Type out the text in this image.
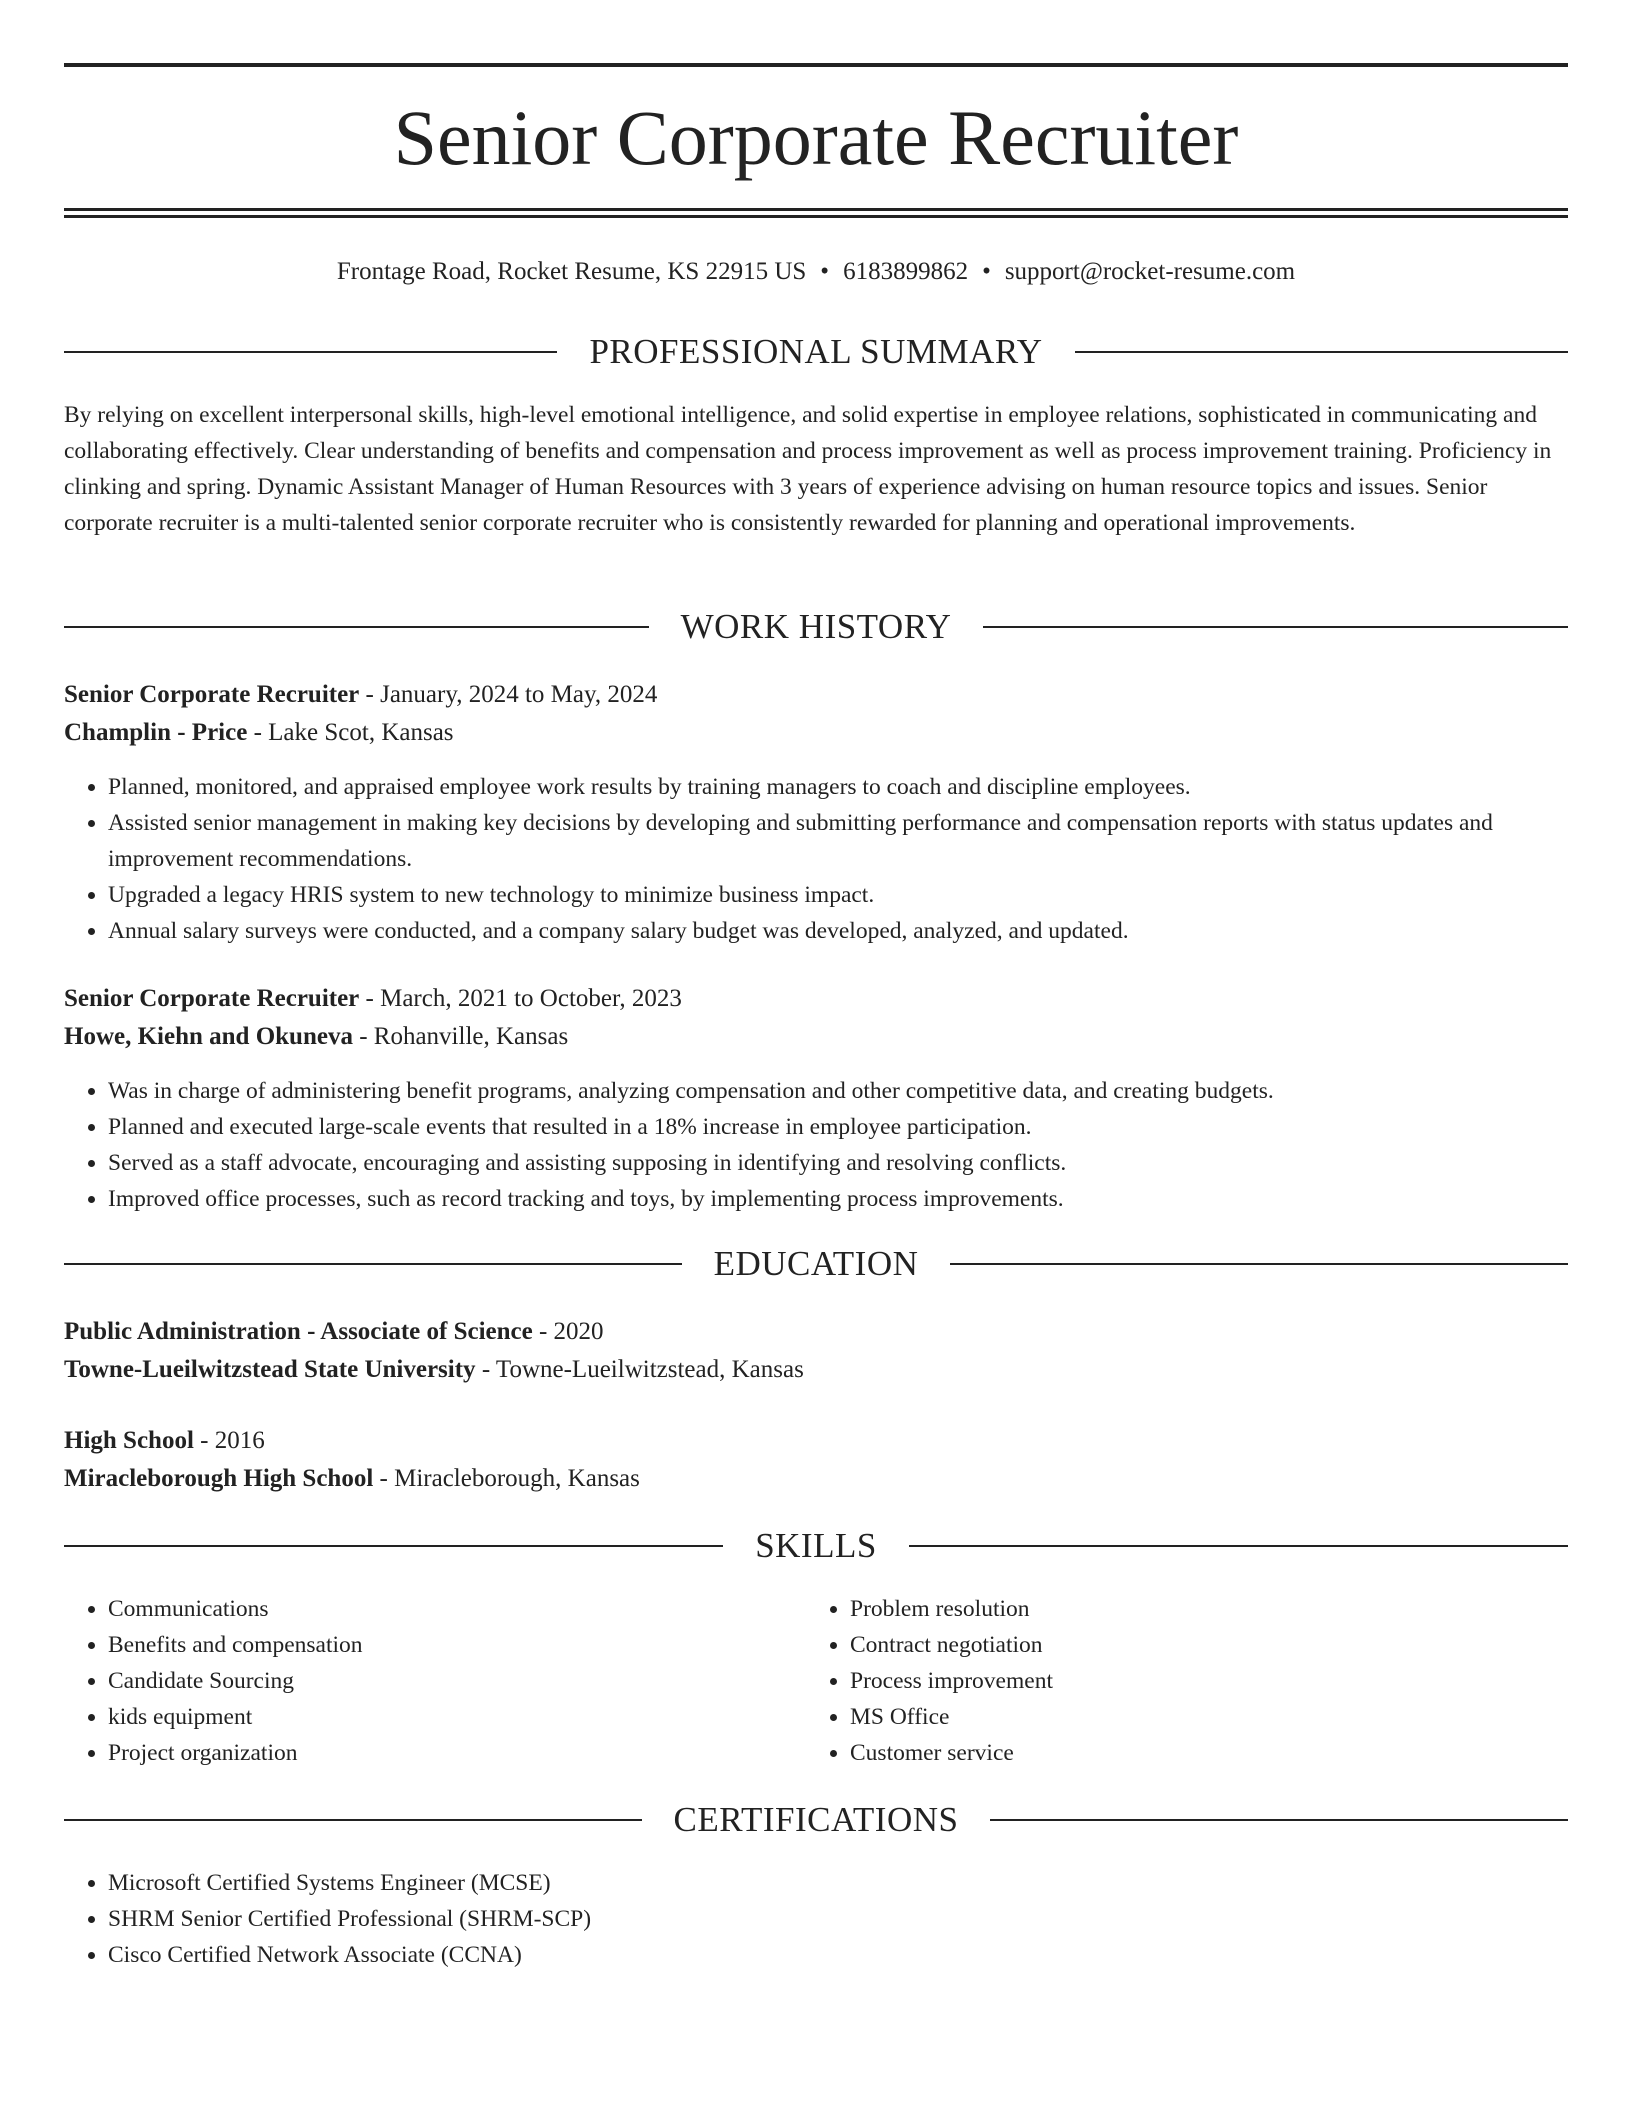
Senior Corporate Recruiter
Frontage Road, Rocket Resume, KS 22915 US • 6183899862 • support@rocket-resume.com
PROFESSIONAL SUMMARY
By relying on excellent interpersonal skills, high-level emotional intelligence, and solid expertise in employee relations, sophisticated in communicating and collaborating effectively. Clear understanding of benefits and compensation and process improvement as well as process improvement training. Proficiency in clinking and spring. Dynamic Assistant Manager of Human Resources with 3 years of experience advising on human resource topics and issues. Senior corporate recruiter is a multi-talented senior corporate recruiter who is consistently rewarded for planning and operational improvements.
WORK HISTORY
Senior Corporate Recruiter - January, 2024 to May, 2024
Champlin - Price - Lake Scot, Kansas
• Planned, monitored, and appraised employee work results by training managers to coach and discipline employees.
• Assisted senior management in making key decisions by developing and submitting performance and compensation reports with status updates and improvement recommendations.
• Upgraded a legacy HRIS system to new technology to minimize business impact.
• Annual salary surveys were conducted, and a company salary budget was developed, analyzed, and updated.
Senior Corporate Recruiter - March, 2021 to October, 2023
Howe, Kiehn and Okuneva - Rohanville, Kansas
• Was in charge of administering benefit programs, analyzing compensation and other competitive data, and creating budgets.
• Planned and executed large-scale events that resulted in a 18% increase in employee participation.
• Served as a staff advocate, encouraging and assisting supposing in identifying and resolving conflicts.
• Improved office processes, such as record tracking and toys, by implementing process improvements.
EDUCATION
Public Administration - Associate of Science - 2020
Towne-Lueilwitzstead State University - Towne-Lueilwitzstead, Kansas
High School - 2016
Miracleborough High School - Miracleborough, Kansas
SKILLS
• Communications
• Benefits and compensation
• Candidate Sourcing
• kids equipment
• Project organization
• Problem resolution
• Contract negotiation
• Process improvement
• MS Office
• Customer service
CERTIFICATIONS
• Microsoft Certified Systems Engineer (MCSE)
• SHRM Senior Certified Professional (SHRM-SCP)
• Cisco Certified Network Associate (CCNA)
